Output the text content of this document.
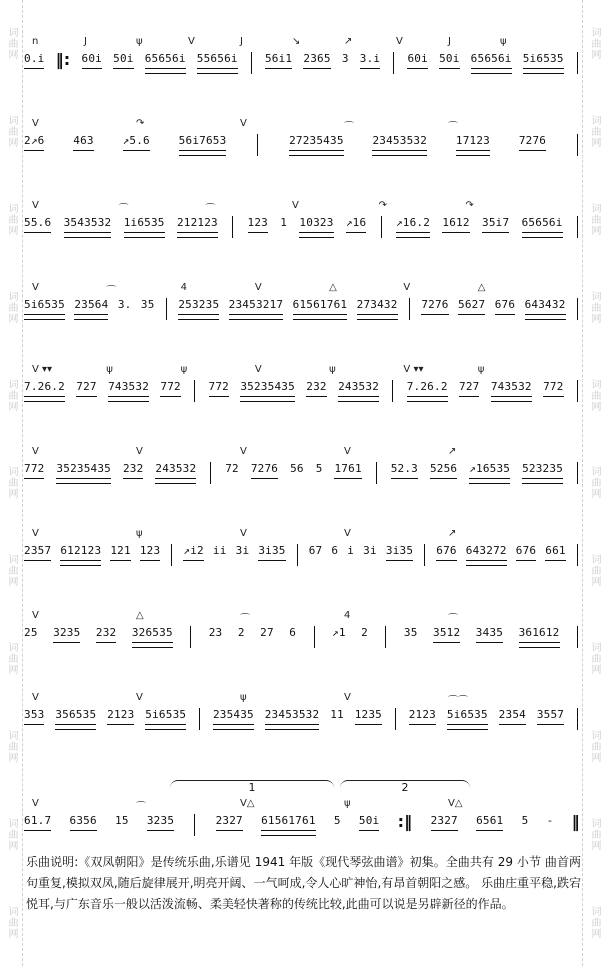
词曲网
词曲网
词曲网
词曲网
词曲网
词曲网
词曲网
词曲网
词曲网
词曲网
词曲网
词曲网
词曲网
词曲网
词曲网
词曲网
词曲网
词曲网
词曲网
词曲网
词曲网
词曲网
n	J	ψ	V	J	↘	↗	V	J	ψ
0.i ‖: 60i 50i 65656i 55656i 56i1 2365 3 3.i 60i 50i 65656i 5i6535
V	↷	V	⌒	⌒
2↗6	463	↗5.6	56i7653	27235435	23453532	17123	7276
V	⌒	⌒	V	↷	↷
55.6 3543532 1i6535 212123	123 1 10323 ↗16	↗16.2 1612 35i7 65656i
V	⌒	4	V	△	V	△
5i6535 23564 3. 35 253235 23453217 61561761 273432 7276 5627 676 643432
V ▾▾	ψ	ψ	V	ψ	V ▾▾	ψ
7.26.2 727 743532 772	772 35235435 232 243532	7.26.2 727 743532 772
V	V	V	V	↗
772 35235435 232 243532	72 7276 56 5 1761	52.3 5256 ↗16535 523235
V	ψ	V	V	↗
2357 612123 121 123 ↗i2 ii 3i 3i35 67 6 i 3i 3i35 676 643272 676 661
V	△	⌒	4	⌒
25 3235 232 326535	23 2 27 6	↗1 2	35 3512 3435 361612
V	V	ψ	V	⌒⌒
353 356535 2123 5i6535 235435 23453532 11 1235 2123 5i6535 2354 3557
V	⌒	V△	ψ	V△
61.7 6356 15 3235	2327 61561761 5 50i :‖ 2327 6561 5 - ‖
1	2
乐曲说明:《双凤朝阳》是传统乐曲,乐谱见 1941 年版《现代琴弦曲谱》初集。全曲共有 29 小节 曲首两句重复,模拟双凤,随后旋律展开,明亮开阔、一气呵成,令人心旷神怡,有昂首朝阳之感。 乐曲庄重平稳,跌宕悦耳,与广东音乐一般以活泼流畅、柔美轻快著称的传统比较,此曲可以说是另辟新径的作品。
